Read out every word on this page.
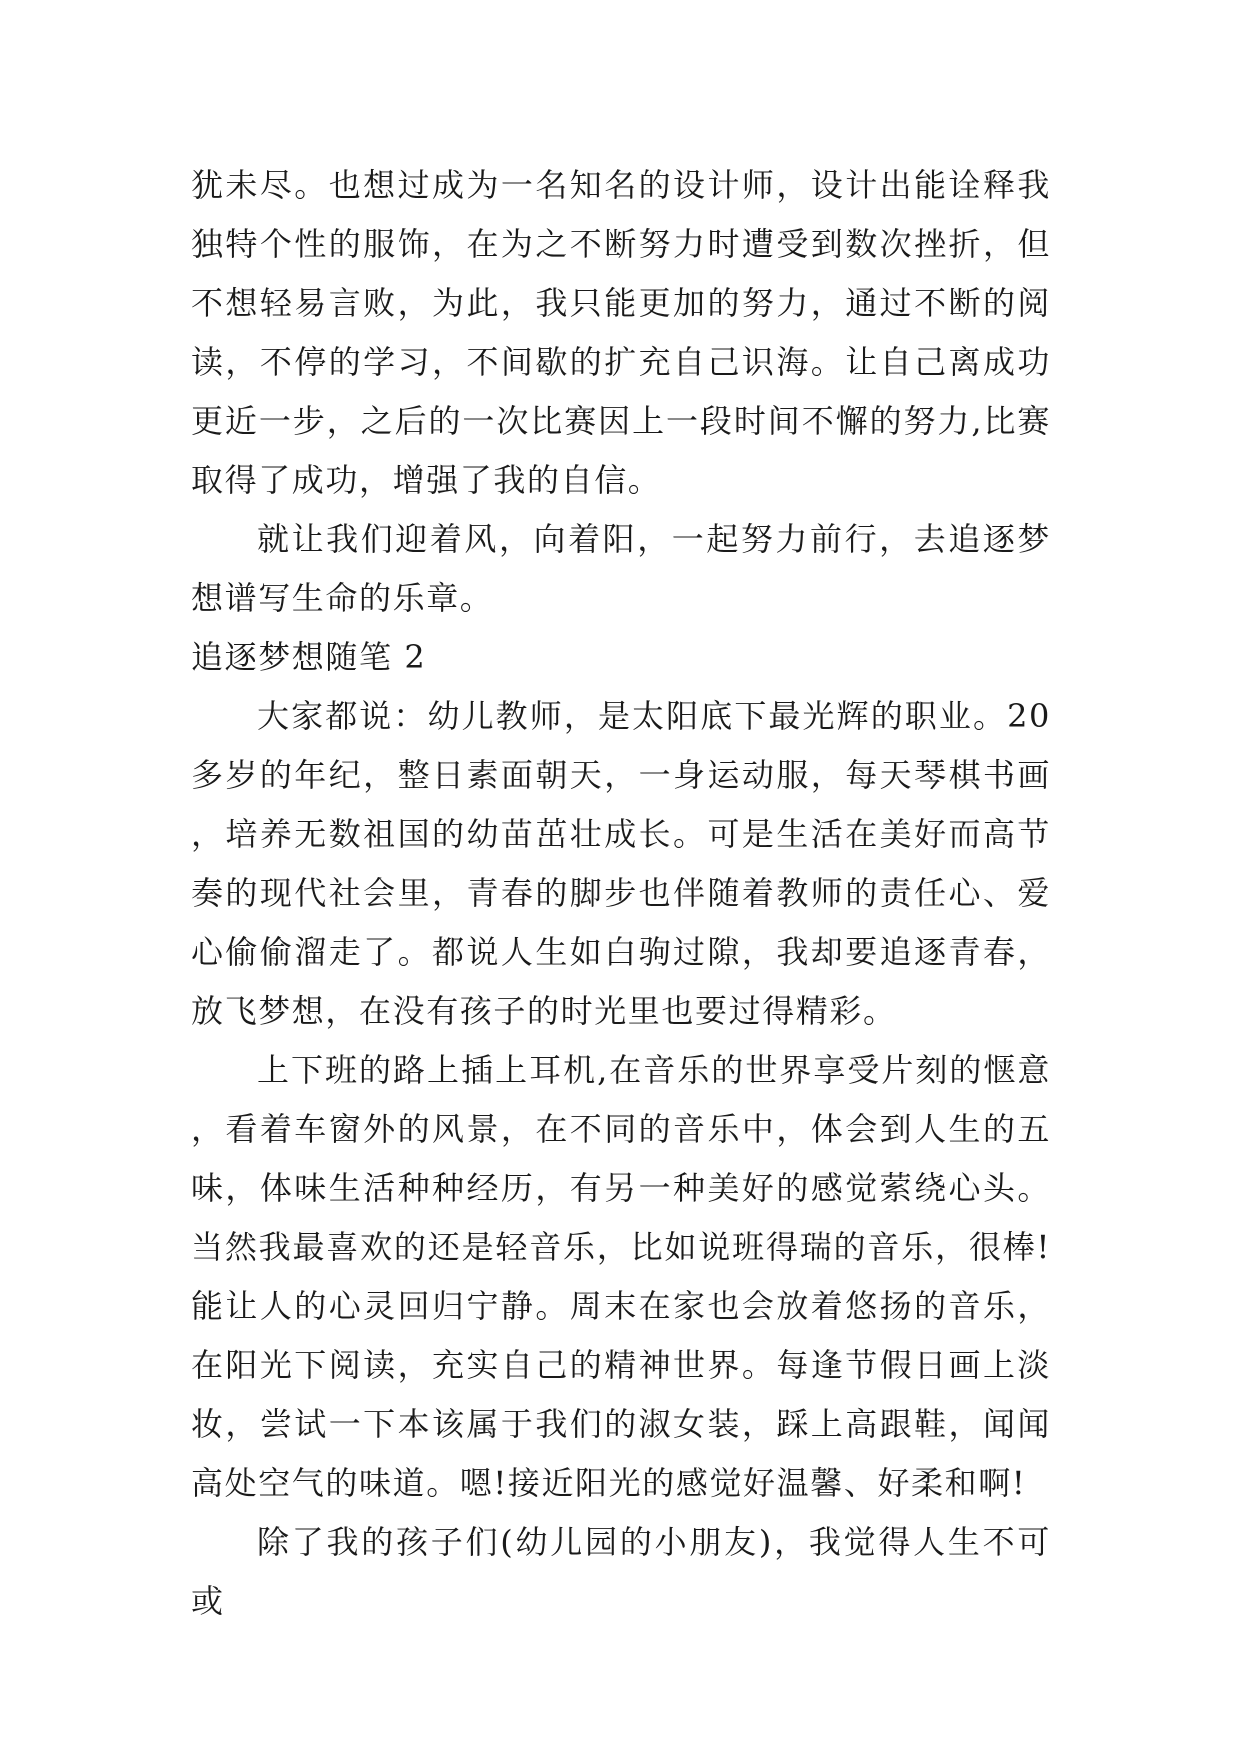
犹未尽。也想过成为一名知名的设计师，设计出能诠释我独特个性的服饰，在为之不断努力时遭受到数次挫折，但不想轻易言败，为此，我只能更加的努力，通过不断的阅读，不停的学习，不间歇的扩充自己识海。让自己离成功更近一步，之后的一次比赛因上一段时间不懈的努力,比赛取得了成功，增强了我的自信。

就让我们迎着风，向着阳，一起努力前行，去追逐梦想谱写生命的乐章。

追逐梦想随笔 2

大家都说：幼儿教师，是太阳底下最光辉的职业。20 多岁的年纪，整日素面朝天，一身运动服，每天琴棋书画，培养无数祖国的幼苗茁壮成长。可是生活在美好而高节奏的现代社会里，青春的脚步也伴随着教师的责任心、爱心偷偷溜走了。都说人生如白驹过隙，我却要追逐青春，放飞梦想，在没有孩子的时光里也要过得精彩。

上下班的路上插上耳机,在音乐的世界享受片刻的惬意，看着车窗外的风景，在不同的音乐中，体会到人生的五味，体味生活种种经历，有另一种美好的感觉萦绕心头。当然我最喜欢的还是轻音乐，比如说班得瑞的音乐，很棒!能让人的心灵回归宁静。周末在家也会放着悠扬的音乐，在阳光下阅读，充实自己的精神世界。每逢节假日画上淡妆，尝试一下本该属于我们的淑女装，踩上高跟鞋，闻闻高处空气的味道。嗯!接近阳光的感觉好温馨、好柔和啊!

除了我的孩子们(幼儿园的小朋友)，我觉得人生不可或
